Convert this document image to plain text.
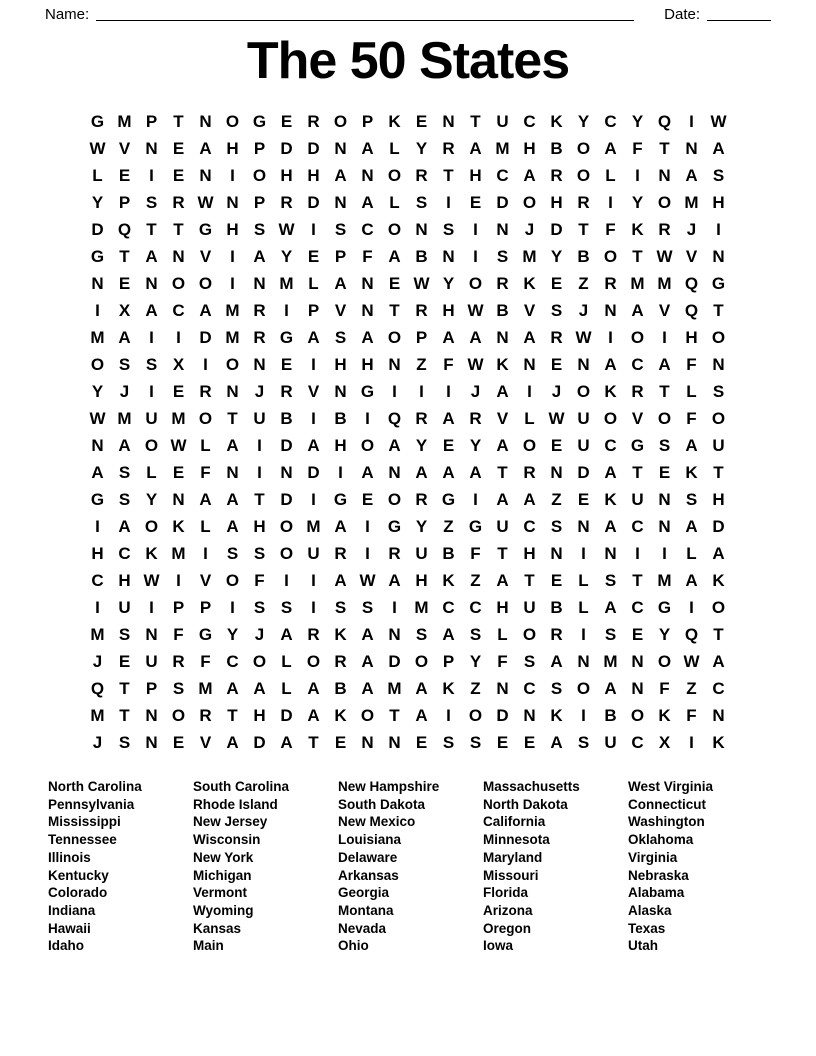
Name:	Date:
The 50 States
G M P T N O G E R O P K E N T U C K Y C Y Q	I W
W V N E A H P D D N A L Y R A M H B O A F T N A
L E	I	E N	I	O H H A N O R T H C A R O L	I	N A S
Y P S R W N P R D N A L S	I	E D O H R	I	Y O M H
D Q T T G H S W I	S C O N S	I	N J D T F K R J	I
G T A N V	I	A Y E P F A B N	I	S M Y B O T W V N
N E N O O	I	N M L A N E W Y O R K E Z R M M Q G
I	X A C A M R	I	P V N T R H W B V S J N A V Q T
M A	I	I	D M R G A S A O P A A N A R W I	O	I	H O
O S S X	I	O N E	I	H H N Z F W K N E N A C A F N
Y J	I	E R N J R V N G	I	I	I	J A	I	J O K R T L S
W M U M O T U B	I	B	I	Q R A R V L W U O V O F O
N A O W L A	I	D A H O A Y E Y A O E U C G S A U
A S L E F N	I	N D	I	A N A A A T R N D A T E K T
G S Y N A A T D	I	G E O R G	I	A A Z E K U N S H
I	A O K L A H O M A	I	G Y Z G U C S N A C N A D
H C K M	I	S S O U R	I	R U B F T H N	I	N	I	I	L A
C H W I	V O F	I	I	A W A H K Z A T E L S T M A K
I	U	I	P P	I	S S	I	S S	I	M C C H U B L A C G	I	O
M S N F G Y J A R K A N S A S L O R	I	S E Y Q T
J E U R F C O L O R A D O P Y F S A N M N O W A
Q T P S M A A L A B A M A K Z N C S O A N F Z C
M T N O R T H D A K O T A	I	O D N K	I	B O K F N
J S N E V A D A T E N N E S S E E A S U C X	I	K
North Carolina
Pennsylvania
Mississippi
Tennessee
Illinois
Kentucky
Colorado
Indiana
Hawaii
Idaho
South Carolina
Rhode Island
New Jersey
Wisconsin
New York
Michigan
Vermont
Wyoming
Kansas
Main
New Hampshire
South Dakota
New Mexico
Louisiana
Delaware
Arkansas
Georgia
Montana
Nevada
Ohio
Massachusetts
North Dakota
California
Minnesota
Maryland
Missouri
Florida
Arizona
Oregon
Iowa
West Virginia
Connecticut
Washington
Oklahoma
Virginia
Nebraska
Alabama
Alaska
Texas
Utah
